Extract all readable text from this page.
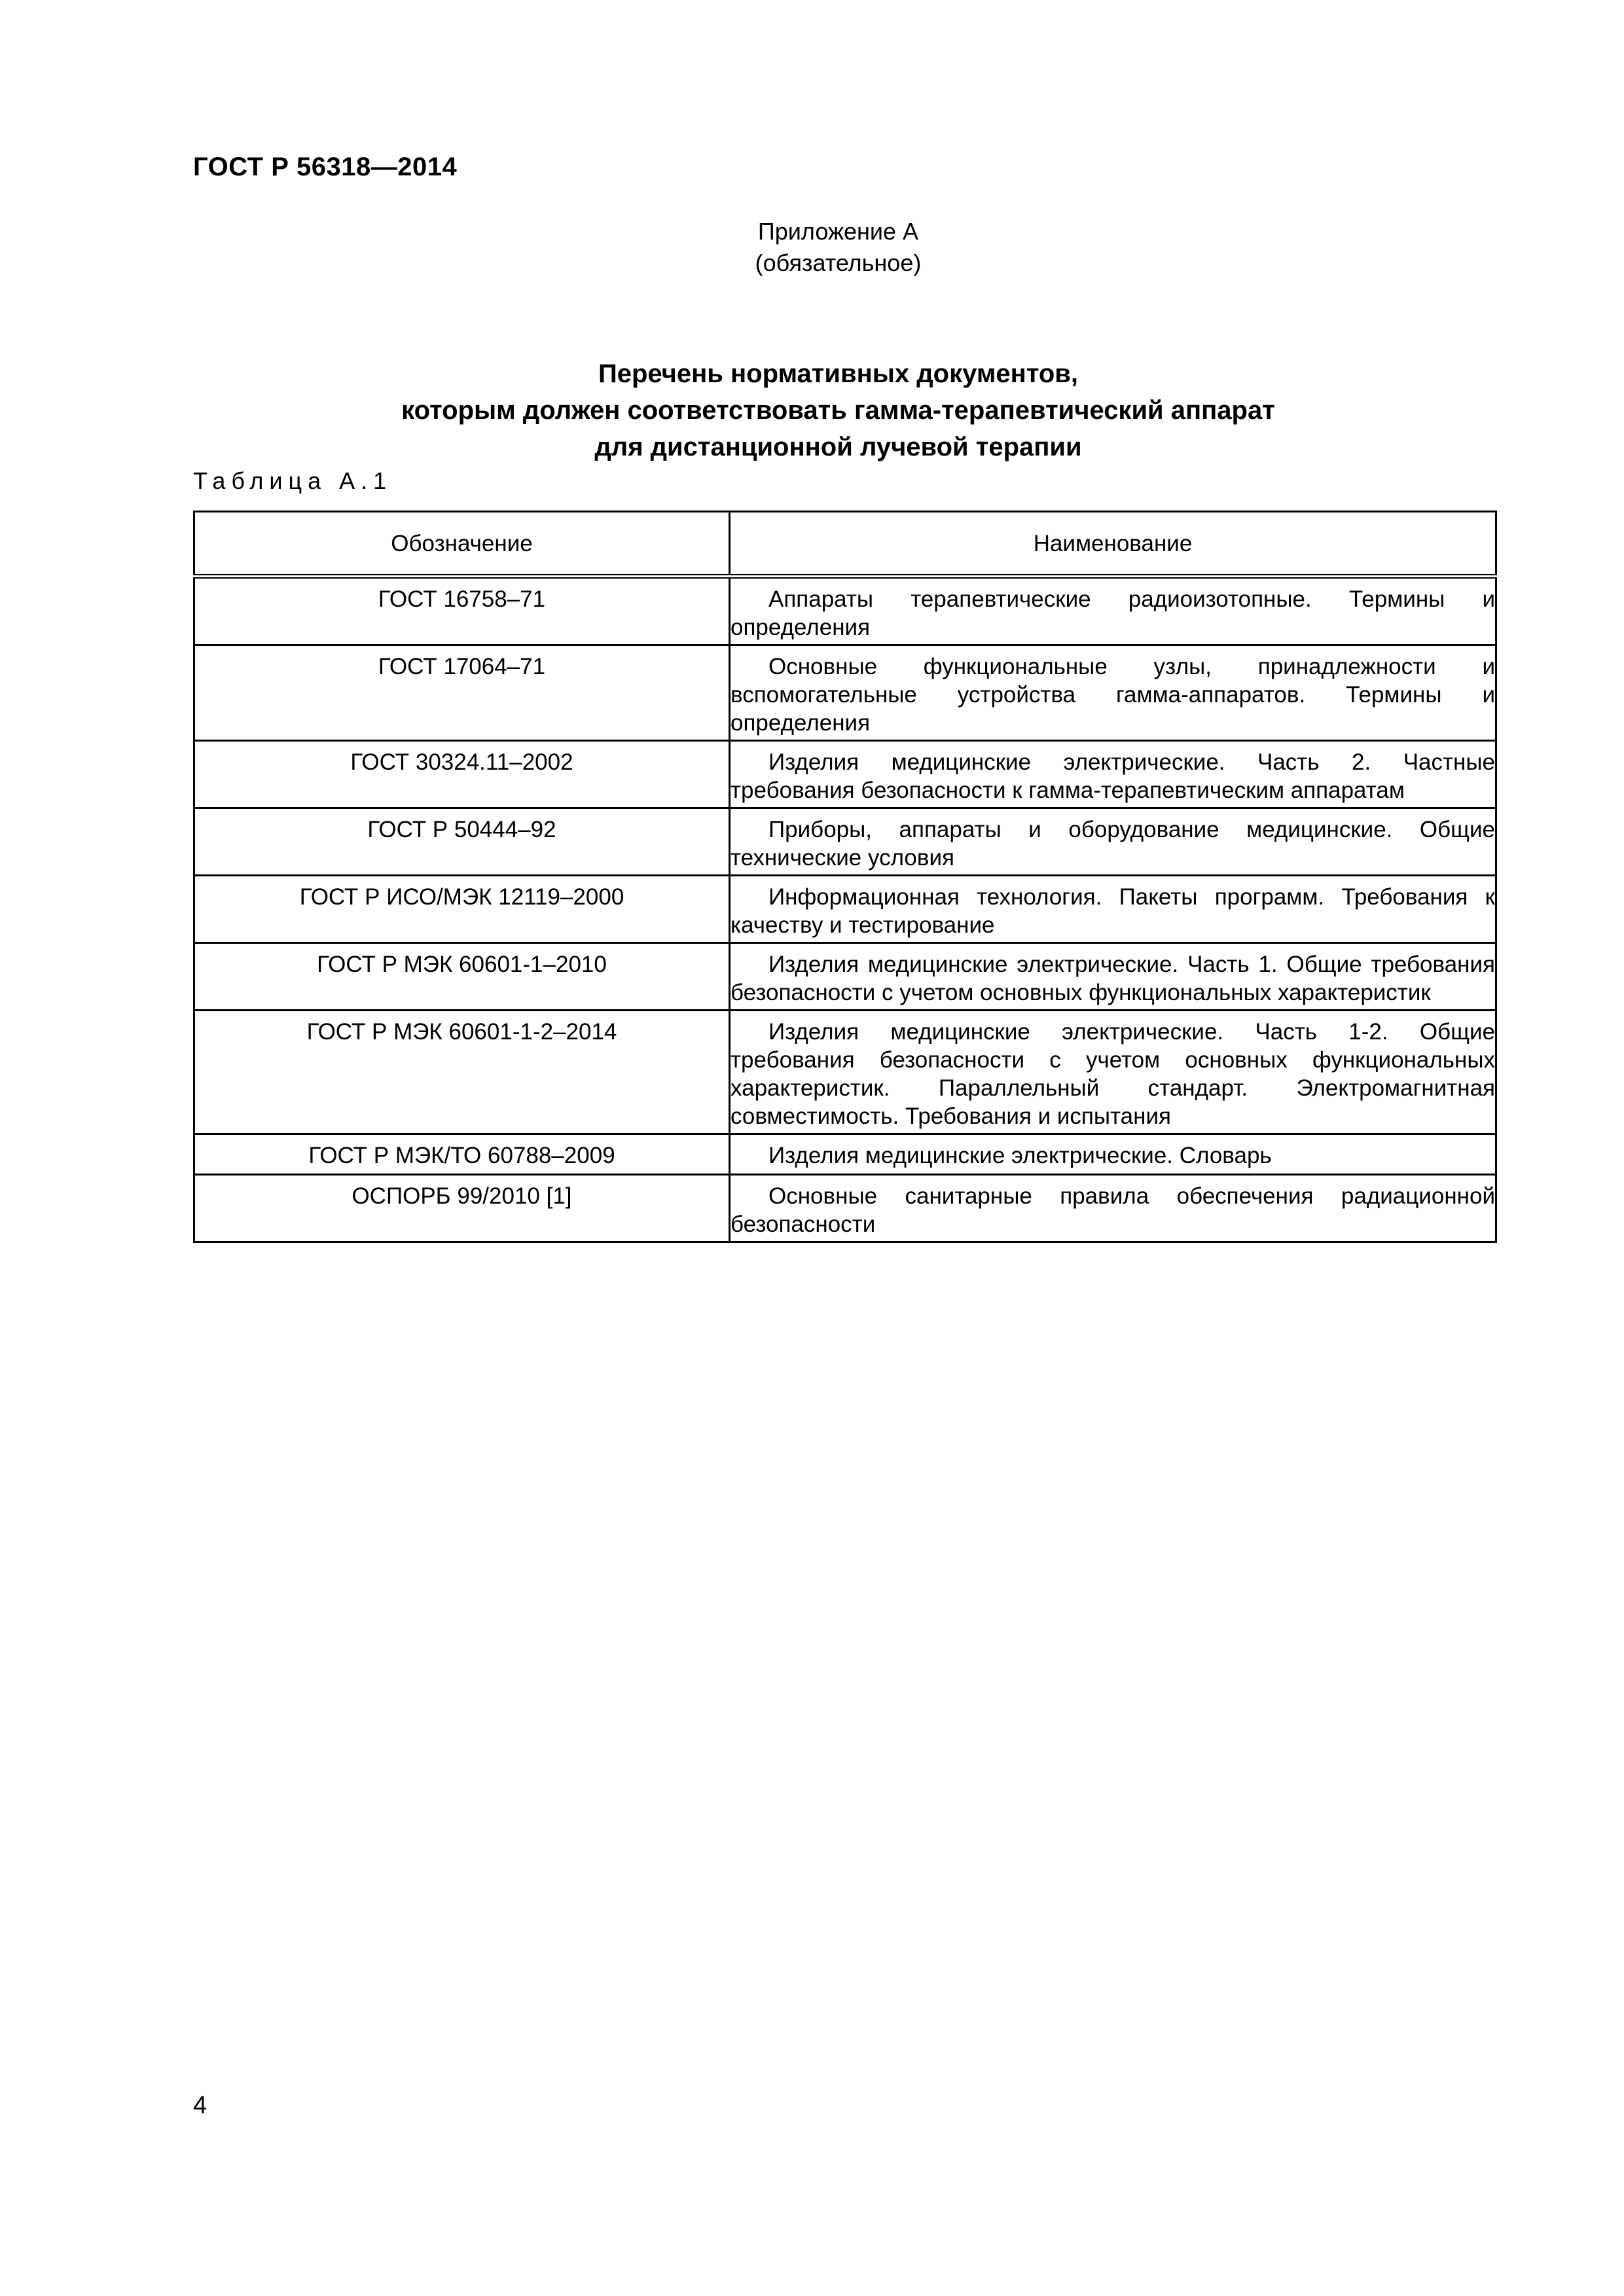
ГОСТ Р 56318—2014
Приложение А
(обязательное)
Перечень нормативных документов,
которым должен соответствовать гамма-терапевтический аппарат
для дистанционной лучевой терапии
Таблица А.1
Обозначение	Наименование
ГОСТ 16758–71	Аппараты терапевтические радиоизотопные. Термины и определения
ГОСТ 17064–71	Основные функциональные узлы, принадлежности и вспомогательные устройства гамма-аппаратов. Термины и определения
ГОСТ 30324.11–2002	Изделия медицинские электрические. Часть 2. Частные требования безопасности к гамма-терапевтическим аппаратам
ГОСТ Р 50444–92	Приборы, аппараты и оборудование медицинские. Общие технические условия
ГОСТ Р ИСО/МЭК 12119–2000	Информационная технология. Пакеты программ. Требования к качеству и тестирование
ГОСТ Р МЭК 60601-1–2010	Изделия медицинские электрические. Часть 1. Общие требования безопасности с учетом основных функциональных характеристик
ГОСТ Р МЭК 60601-1-2–2014	Изделия медицинские электрические. Часть 1-2. Общие требования безопасности с учетом основных функциональных характеристик. Параллельный стандарт. Электромагнитная совместимость. Требования и испытания
ГОСТ Р МЭК/ТО 60788–2009	Изделия медицинские электрические. Словарь
ОСПОРБ 99/2010 [1]	Основные санитарные правила обеспечения радиационной безопасности
4
